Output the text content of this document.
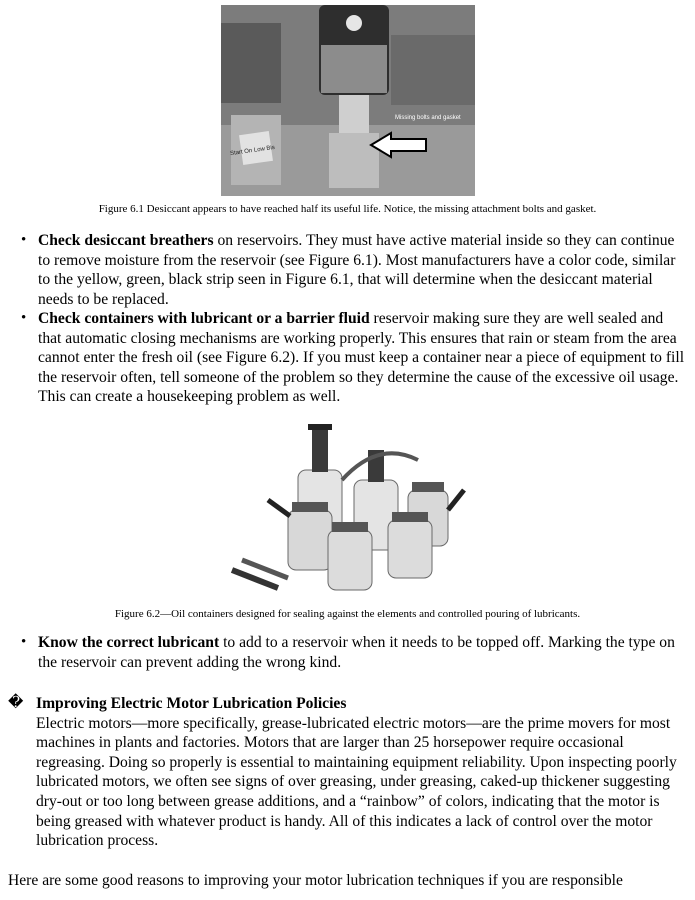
Missing bolts and gasket
Start On Low Bis
Figure 6.1 Desiccant appears to have reached half its useful life. Notice, the missing attachment bolts and gasket.
• Check desiccant breathers on reservoirs. They must have active material inside so they can continue to remove moisture from the reservoir (see Figure 6.1). Most manufacturers have a color code, similar to the yellow, green, black strip seen in Figure 6.1, that will determine when the desiccant material needs to be replaced.
• Check containers with lubricant or a barrier fluid reservoir making sure they are well sealed and that automatic closing mechanisms are working properly. This ensures that rain or steam from the area cannot enter the fresh oil (see Figure 6.2). If you must keep a container near a piece of equipment to fill the reservoir often, tell someone of the problem so they determine the cause of the excessive oil usage. This can create a housekeeping problem as well.
Figure 6.2—Oil containers designed for sealing against the elements and controlled pouring of lubricants.
• Know the correct lubricant to add to a reservoir when it needs to be topped off. Marking the type on the reservoir can prevent adding the wrong kind.
� Improving Electric Motor Lubrication Policies
Electric motors—more specifically, grease-lubricated electric motors—are the prime movers for most machines in plants and factories. Motors that are larger than 25 horsepower require occasional regreasing. Doing so properly is essential to maintaining equipment reliability. Upon inspecting poorly lubricated motors, we often see signs of over greasing, under greasing, caked-up thickener suggesting dry-out or too long between grease additions, and a “rainbow” of colors, indicating that the motor is being greased with whatever product is handy. All of this indicates a lack of control over the motor lubrication process.
Here are some good reasons to improving your motor lubrication techniques if you are responsible
